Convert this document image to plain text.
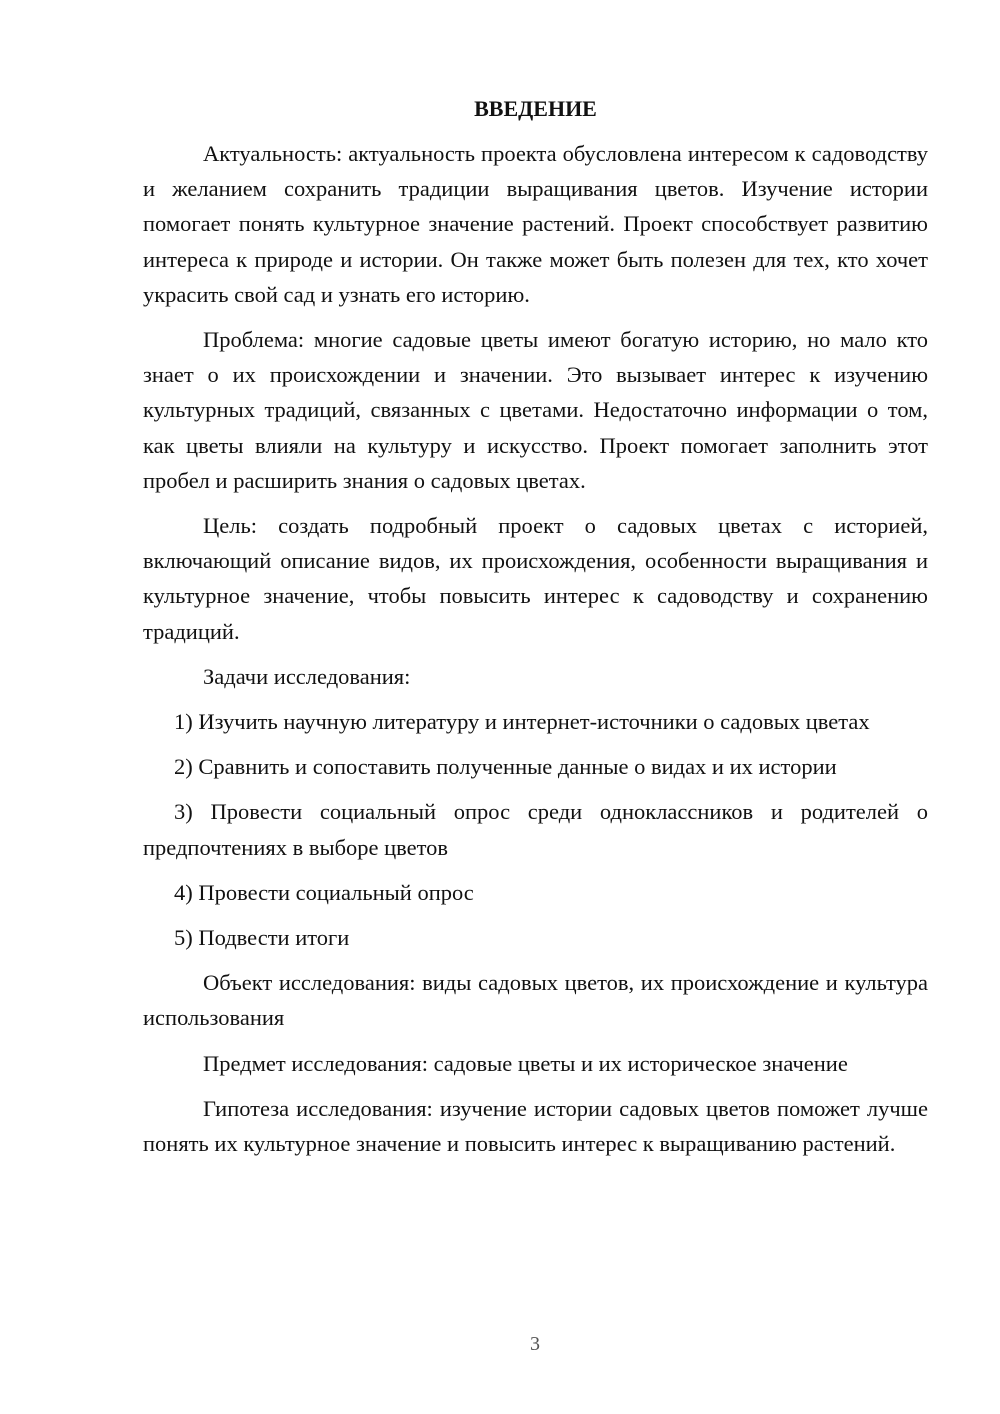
ВВЕДЕНИЕ

Актуальность: актуальность проекта обусловлена интересом к садоводству и желанием сохранить традиции выращивания цветов. Изучение истории помогает понять культурное значение растений. Проект способствует развитию интереса к природе и истории. Он также может быть полезен для тех, кто хочет украсить свой сад и узнать его историю.

Проблема: многие садовые цветы имеют богатую историю, но мало кто знает о их происхождении и значении. Это вызывает интерес к изучению культурных традиций, связанных с цветами. Недостаточно информации о том, как цветы влияли на культуру и искусство. Проект помогает заполнить этот пробел и расширить знания о садовых цветах.

Цель: создать подробный проект о садовых цветах с историей, включающий описание видов, их происхождения, особенности выращивания и культурное значение, чтобы повысить интерес к садоводству и сохранению традиций.

Задачи исследования:

1) Изучить научную литературу и интернет-источники о садовых цветах

2) Сравнить и сопоставить полученные данные о видах и их истории

3) Провести социальный опрос среди одноклассников и родителей о предпочтениях в выборе цветов

4) Провести социальный опрос

5) Подвести итоги

Объект исследования: виды садовых цветов, их происхождение и культура использования

Предмет исследования: садовые цветы и их историческое значение

Гипотеза исследования: изучение истории садовых цветов поможет лучше понять их культурное значение и повысить интерес к выращиванию растений.

3
